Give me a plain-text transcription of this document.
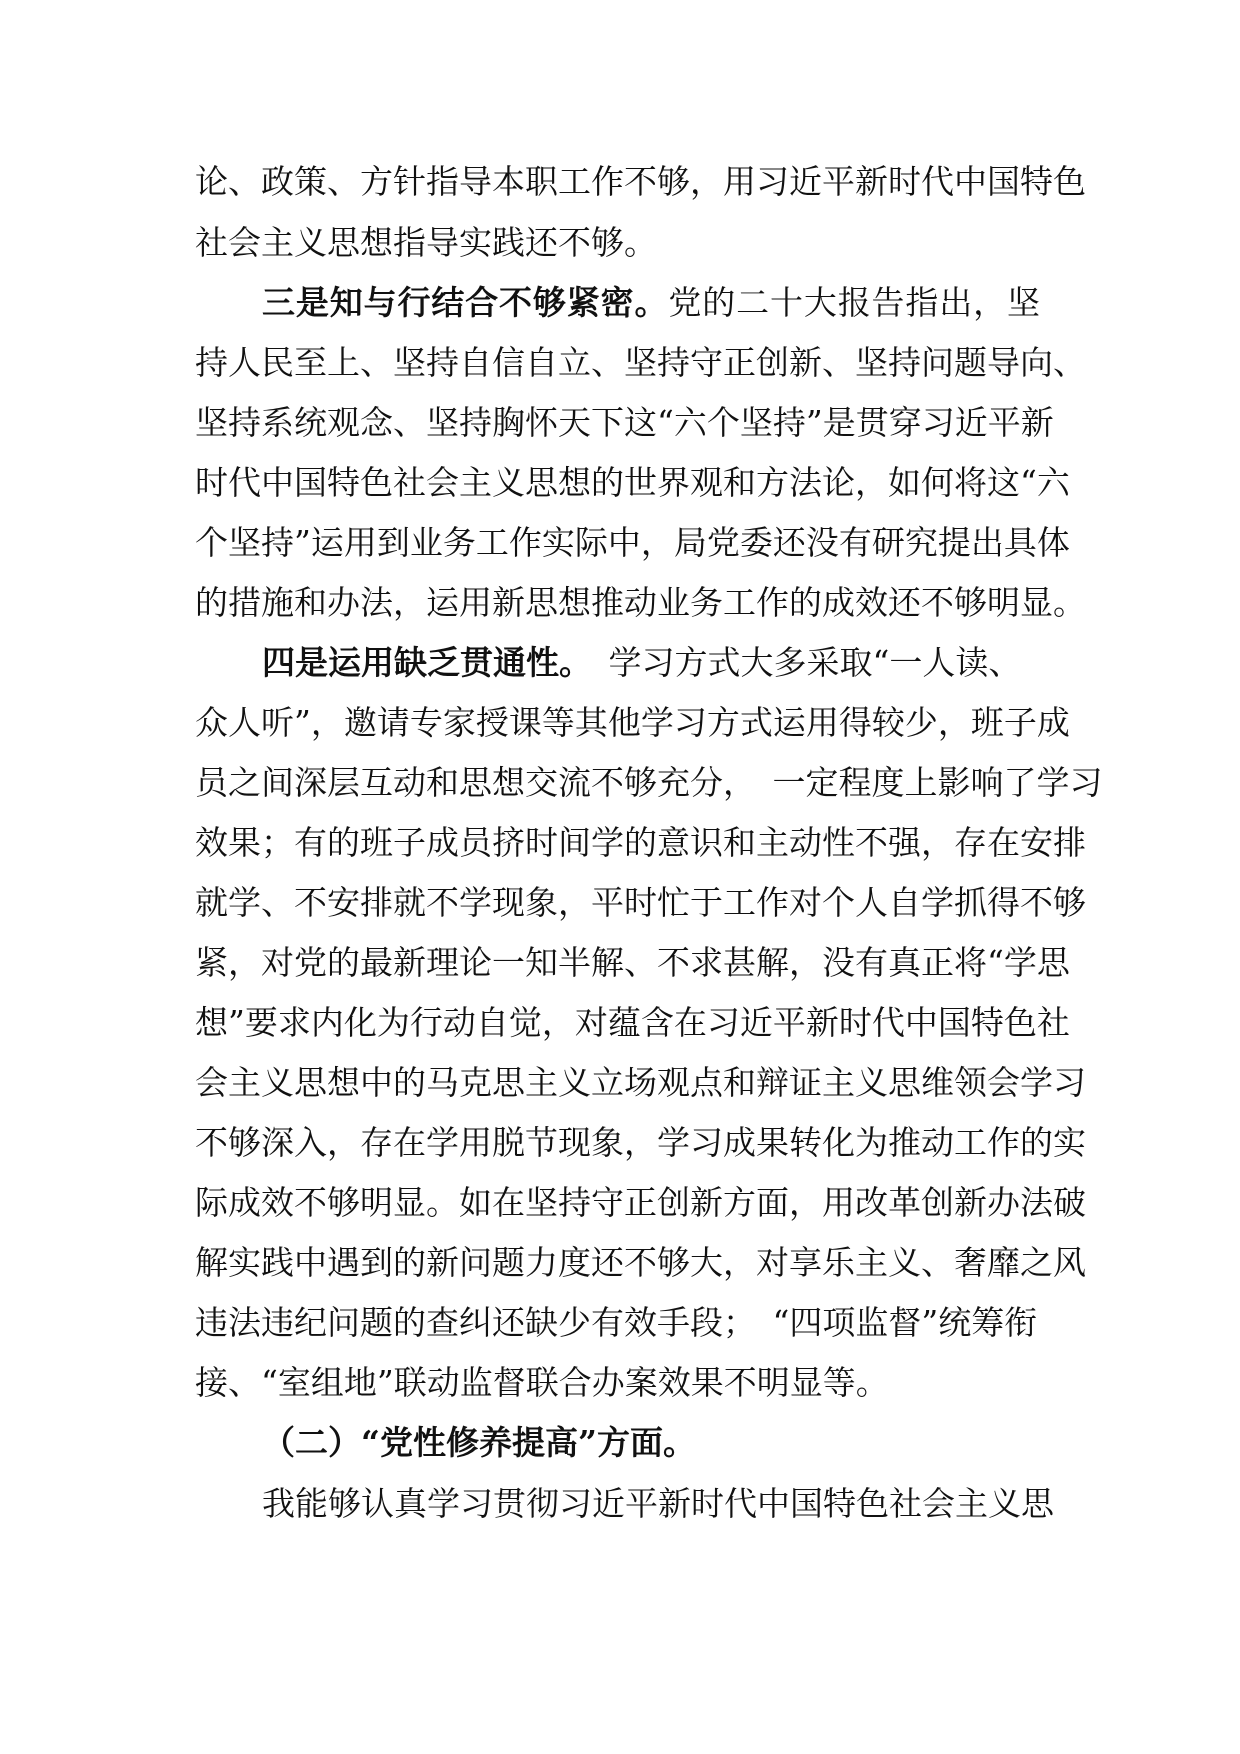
论、政策、方针指导本职工作不够，用习近平新时代中国特色
社会主义思想指导实践还不够。
三是知与行结合不够紧密。党的二十大报告指出，坚
持人民至上、坚持自信自立、坚持守正创新、坚持问题导向、
坚持系统观念、坚持胸怀天下这“六个坚持”是贯穿习近平新
时代中国特色社会主义思想的世界观和方法论，如何将这“六
个坚持”运用到业务工作实际中，局党委还没有研究提出具体
的措施和办法，运用新思想推动业务工作的成效还不够明显。
四是运用缺乏贯通性。　学习方式大多采取“一人读、
众人听”，邀请专家授课等其他学习方式运用得较少，班子成
员之间深层互动和思想交流不够充分，　一定程度上影响了学习
效果；有的班子成员挤时间学的意识和主动性不强，存在安排
就学、不安排就不学现象，平时忙于工作对个人自学抓得不够
紧，对党的最新理论一知半解、不求甚解，没有真正将“学思
想”要求内化为行动自觉，对蕴含在习近平新时代中国特色社
会主义思想中的马克思主义立场观点和辩证主义思维领会学习
不够深入，存在学用脱节现象，学习成果转化为推动工作的实
际成效不够明显。如在坚持守正创新方面，用改革创新办法破
解实践中遇到的新问题力度还不够大，对享乐主义、奢靡之风
违法违纪问题的查纠还缺少有效手段；　“四项监督”统筹衔
接、“室组地”联动监督联合办案效果不明显等。
（二）“党性修养提高”方面。
我能够认真学习贯彻习近平新时代中国特色社会主义思
